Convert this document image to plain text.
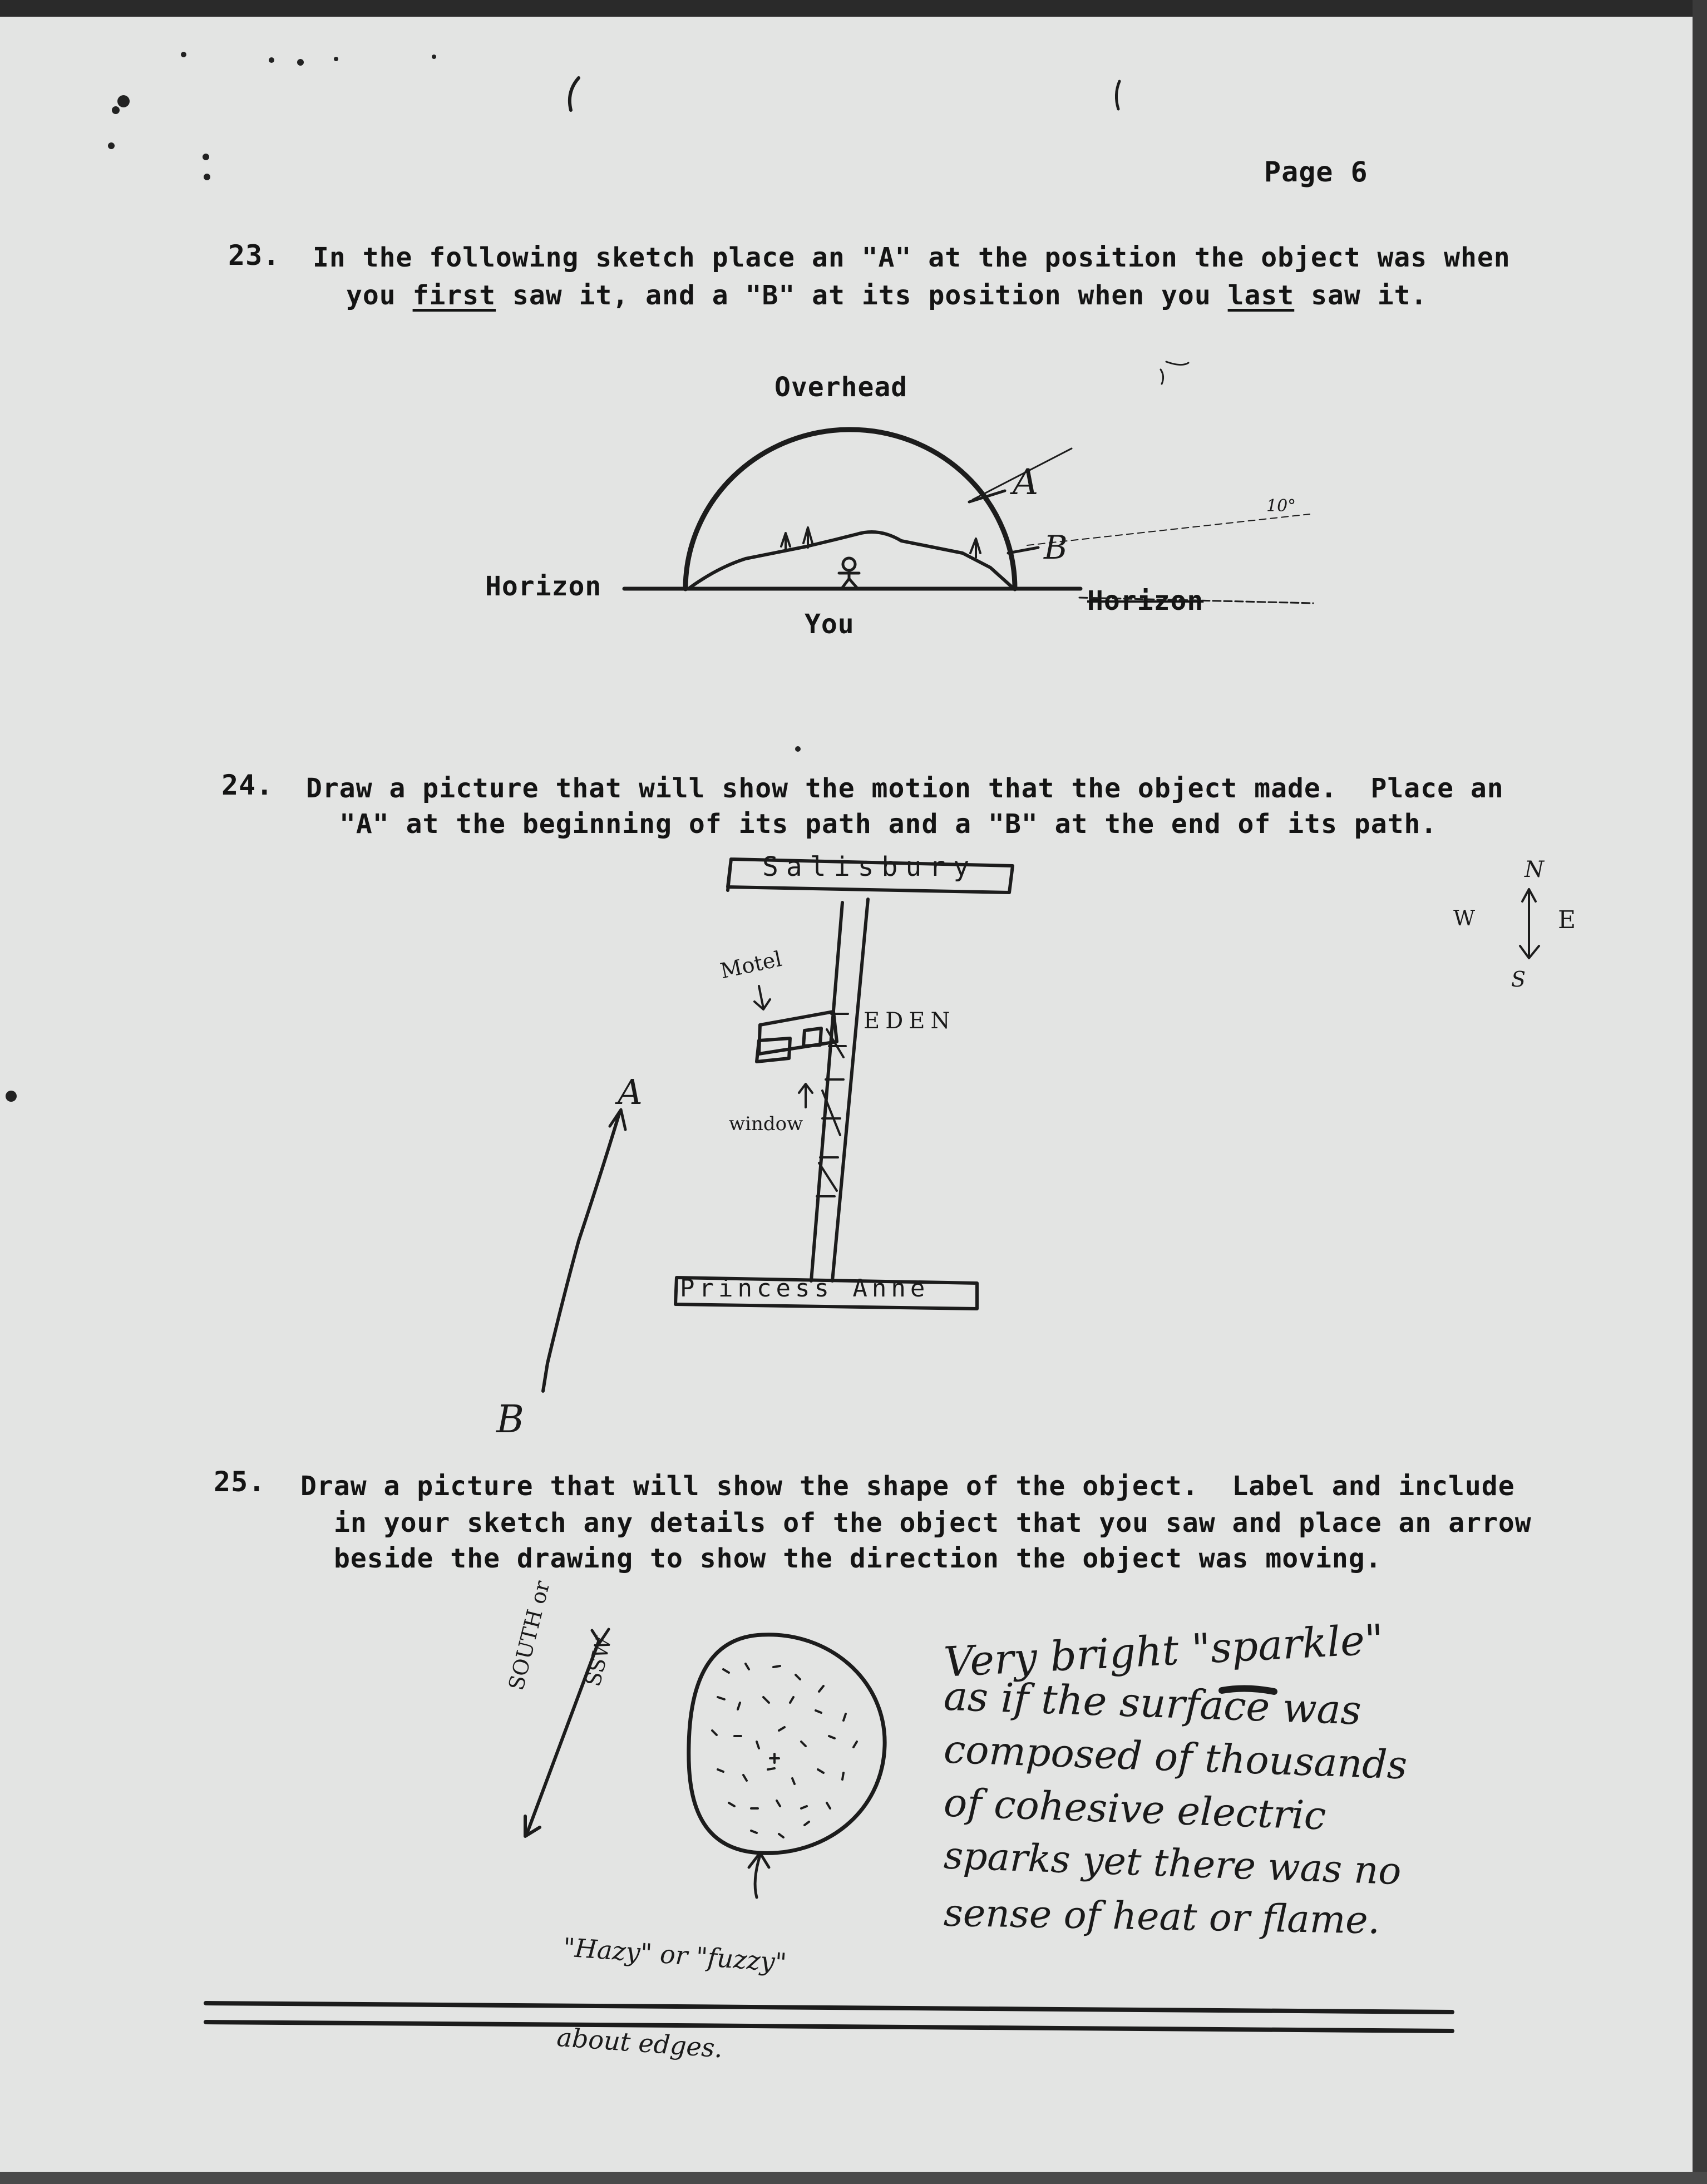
Page 6
23. In the following sketch place an "A" at the position the object was when
you first saw it, and a "B" at its position when you last saw it.
Overhead
Horizon	Horizon
You
A
B
10°
24. Draw a picture that will show the motion that the object made.  Place an
"A" at the beginning of its path and a "B" at the end of its path.
Salisbury
Princess Anne
Motel
EDEN
window
A
B
N
W	E
S
25. Draw a picture that will show the shape of the object.  Label and include
in your sketch any details of the object that you saw and place an arrow
beside the drawing to show the direction the object was moving.

SOUTH or

SSW

"Hazy" or "fuzzy"

about edges.

Very bright "sparkle"
as if the surface was
composed of thousands
of cohesive electric
sparks yet there was no
sense of heat or flame.
